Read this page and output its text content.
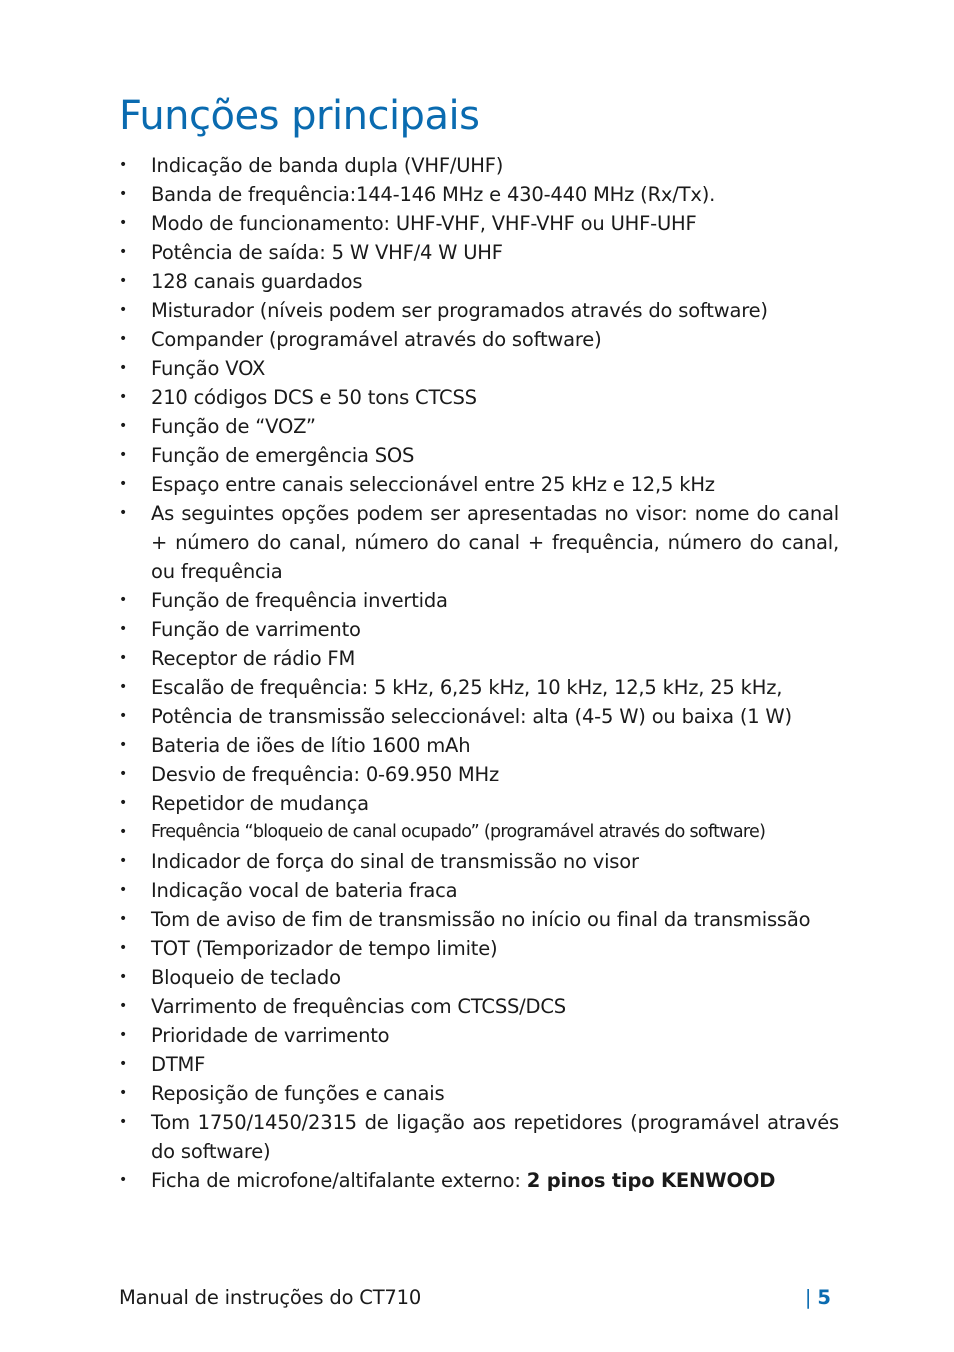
Funções principais
• Indicação de banda dupla (VHF/UHF)
• Banda de frequência:144-146 MHz e 430-440 MHz (Rx/Tx).
• Modo de funcionamento: UHF-VHF, VHF-VHF ou UHF-UHF
• Potência de saída: 5 W VHF/4 W UHF
• 128 canais guardados
• Misturador (níveis podem ser programados através do software)
• Compander (programável através do software)
• Função VOX
• 210 códigos DCS e 50 tons CTCSS
• Função de “VOZ”
• Função de emergência SOS
• Espaço entre canais seleccionável entre 25 kHz e 12,5 kHz
• As seguintes opções podem ser apresentadas no visor: nome do canal + número do canal, número do canal + frequência, número do canal, ou frequência
• Função de frequência invertida
• Função de varrimento
• Receptor de rádio FM
• Escalão de frequência: 5 kHz, 6,25 kHz, 10 kHz, 12,5 kHz, 25 kHz,
• Potência de transmissão seleccionável: alta (4-5 W) ou baixa (1 W)
• Bateria de iões de lítio 1600 mAh
• Desvio de frequência: 0-69.950 MHz
• Repetidor de mudança
• Frequência “bloqueio de canal ocupado” (programável através do software)
• Indicador de força do sinal de transmissão no visor
• Indicação vocal de bateria fraca
• Tom de aviso de fim de transmissão no início ou final da transmissão
• TOT (Temporizador de tempo limite)
• Bloqueio de teclado
• Varrimento de frequências com CTCSS/DCS
• Prioridade de varrimento
• DTMF
• Reposição de funções e canais
• Tom 1750/1450/2315 de ligação aos repetidores (programável através do software)
• Ficha de microfone/altifalante externo: 2 pinos tipo KENWOOD
Manual de instruções do CT710	| 5
